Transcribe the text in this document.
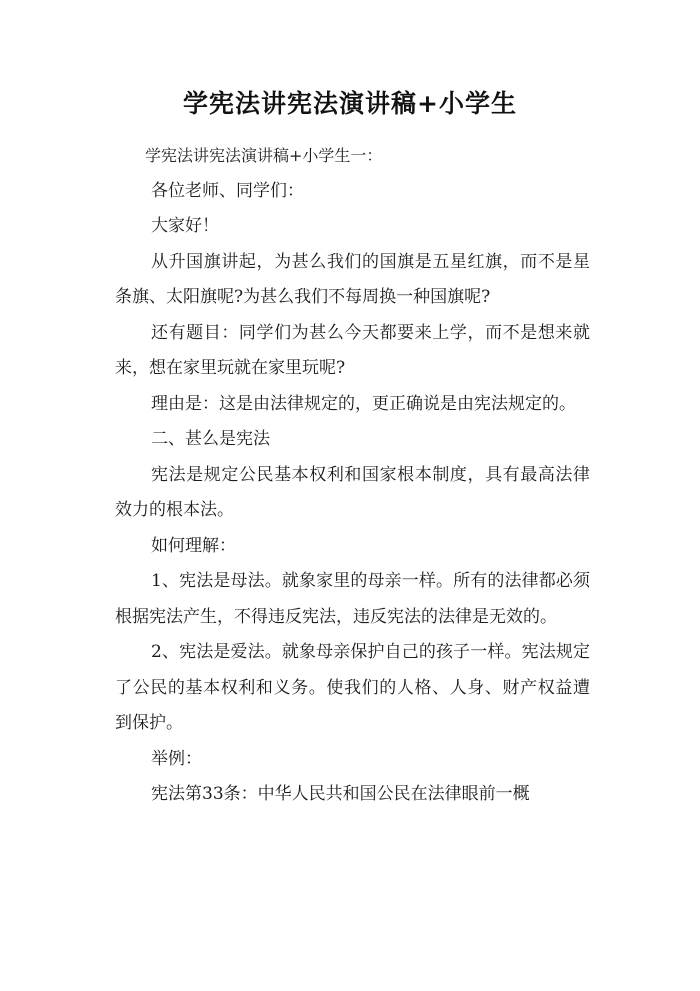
学宪法讲宪法演讲稿+小学生

学宪法讲宪法演讲稿+小学生一：

各位老师、同学们：

大家好！

从升国旗讲起，为甚么我们的国旗是五星红旗，而不是星条旗、太阳旗呢?为甚么我们不每周换一种国旗呢?

还有题目：同学们为甚么今天都要来上学，而不是想来就来，想在家里玩就在家里玩呢?

理由是：这是由法律规定的，更正确说是由宪法规定的。

二、甚么是宪法

宪法是规定公民基本权利和国家根本制度，具有最高法律效力的根本法。

如何理解：

1、宪法是母法。就象家里的母亲一样。所有的法律都必须根据宪法产生，不得违反宪法，违反宪法的法律是无效的。

2、宪法是爱法。就象母亲保护自己的孩子一样。宪法规定了公民的基本权利和义务。使我们的人格、人身、财产权益遭到保护。

举例：

宪法第33条：中华人民共和国公民在法律眼前一概
